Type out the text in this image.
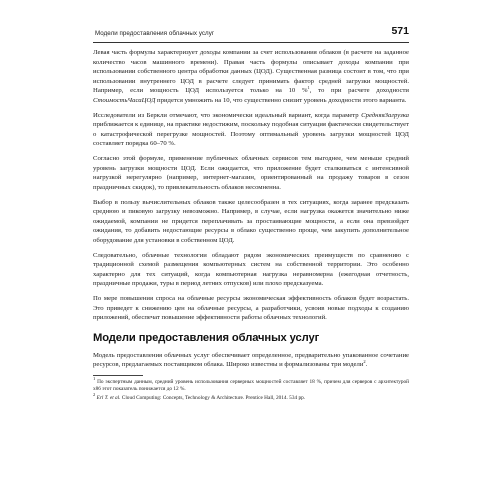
Модели предоставления облачных услуг	571

Левая часть формулы характеризует доходы компании за счет использования облаков (в расчете на заданное количество часов машинного времени). Правая часть формулы описывает доходы компании при использовании собственного центра обработки данных (ЦОД). Существенная разница состоит в том, что при использовании внутреннего ЦОД в расчете следует принимать фактор средней загрузки мощностей. Например, если мощность ЦОД используется только на 10 %$^1$, то при расчете доходности СтоимостьЧасаЦОД придется умножить на 10, что существенно снизит уровень доходности этого варианта.

Исследователи из Беркли отмечают, что экономически идеальный вариант, когда параметр СредняяЗагрузка приближается к единице, на практике недостижим, поскольку подобная ситуация фактически свидетельствует о катастрофической перегрузке мощностей. Поэтому оптимальный уровень загрузки мощностей ЦОД составляет порядка 60–70 %.

Согласно этой формуле, применение публичных облачных сервисов тем выгоднее, чем меньше средний уровень загрузки мощности ЦОД. Если ожидается, что приложение будет сталкиваться с интенсивной нагрузкой нерегулярно (например, интернет-магазин, ориентированный на продажу товаров в сезон праздничных скидок), то привлекательность облаков несомненна.

Выбор в пользу вычислительных облаков также целесообразен в тех ситуациях, когда заранее предсказать среднюю и пиковую загрузку невозможно. Например, в случае, если нагрузка окажется значительно ниже ожидаемой, компании не придется переплачивать за простаивающие мощности, а если она превзойдет ожидания, то добавить недостающие ресурсы в облако существенно проще, чем закупить дополнительное оборудование для установки в собственном ЦОД.

Следовательно, облачные технологии обладают рядом экономических преимуществ по сравнению с традиционной схемой размещения компьютерных систем на собственной территории. Это особенно характерно для тех ситуаций, когда компьютерная нагрузка неравномерна (ежегодная отчетность, праздничные продажи, туры в период летних отпусков) или плохо предсказуема.

По мере повышения спроса на облачные ресурсы экономическая эффективность облаков будет возрастать. Это приведет к снижению цен на облачные ресурсы, а разработчики, усвоив новые подходы к созданию приложений, обеспечат повышение эффективности работы облачных технологий.

Модели предоставления облачных услуг

Модель предоставления облачных услуг обеспечивает определенное, предварительно упакованное сочетание ресурсов, предлагаемых поставщиком облака. Широко известны и формализованы три модели$^2$.

$^1$ По экспертным данным, средний уровень использования серверных мощностей составляет 18 %, причем для серверов с архитектурой x86 этот показатель понижается до 12 %.
$^2$ Erl T. et al. Cloud Computing: Concepts, Technology & Architecture. Prentice Hall, 2014. 534 pp.
